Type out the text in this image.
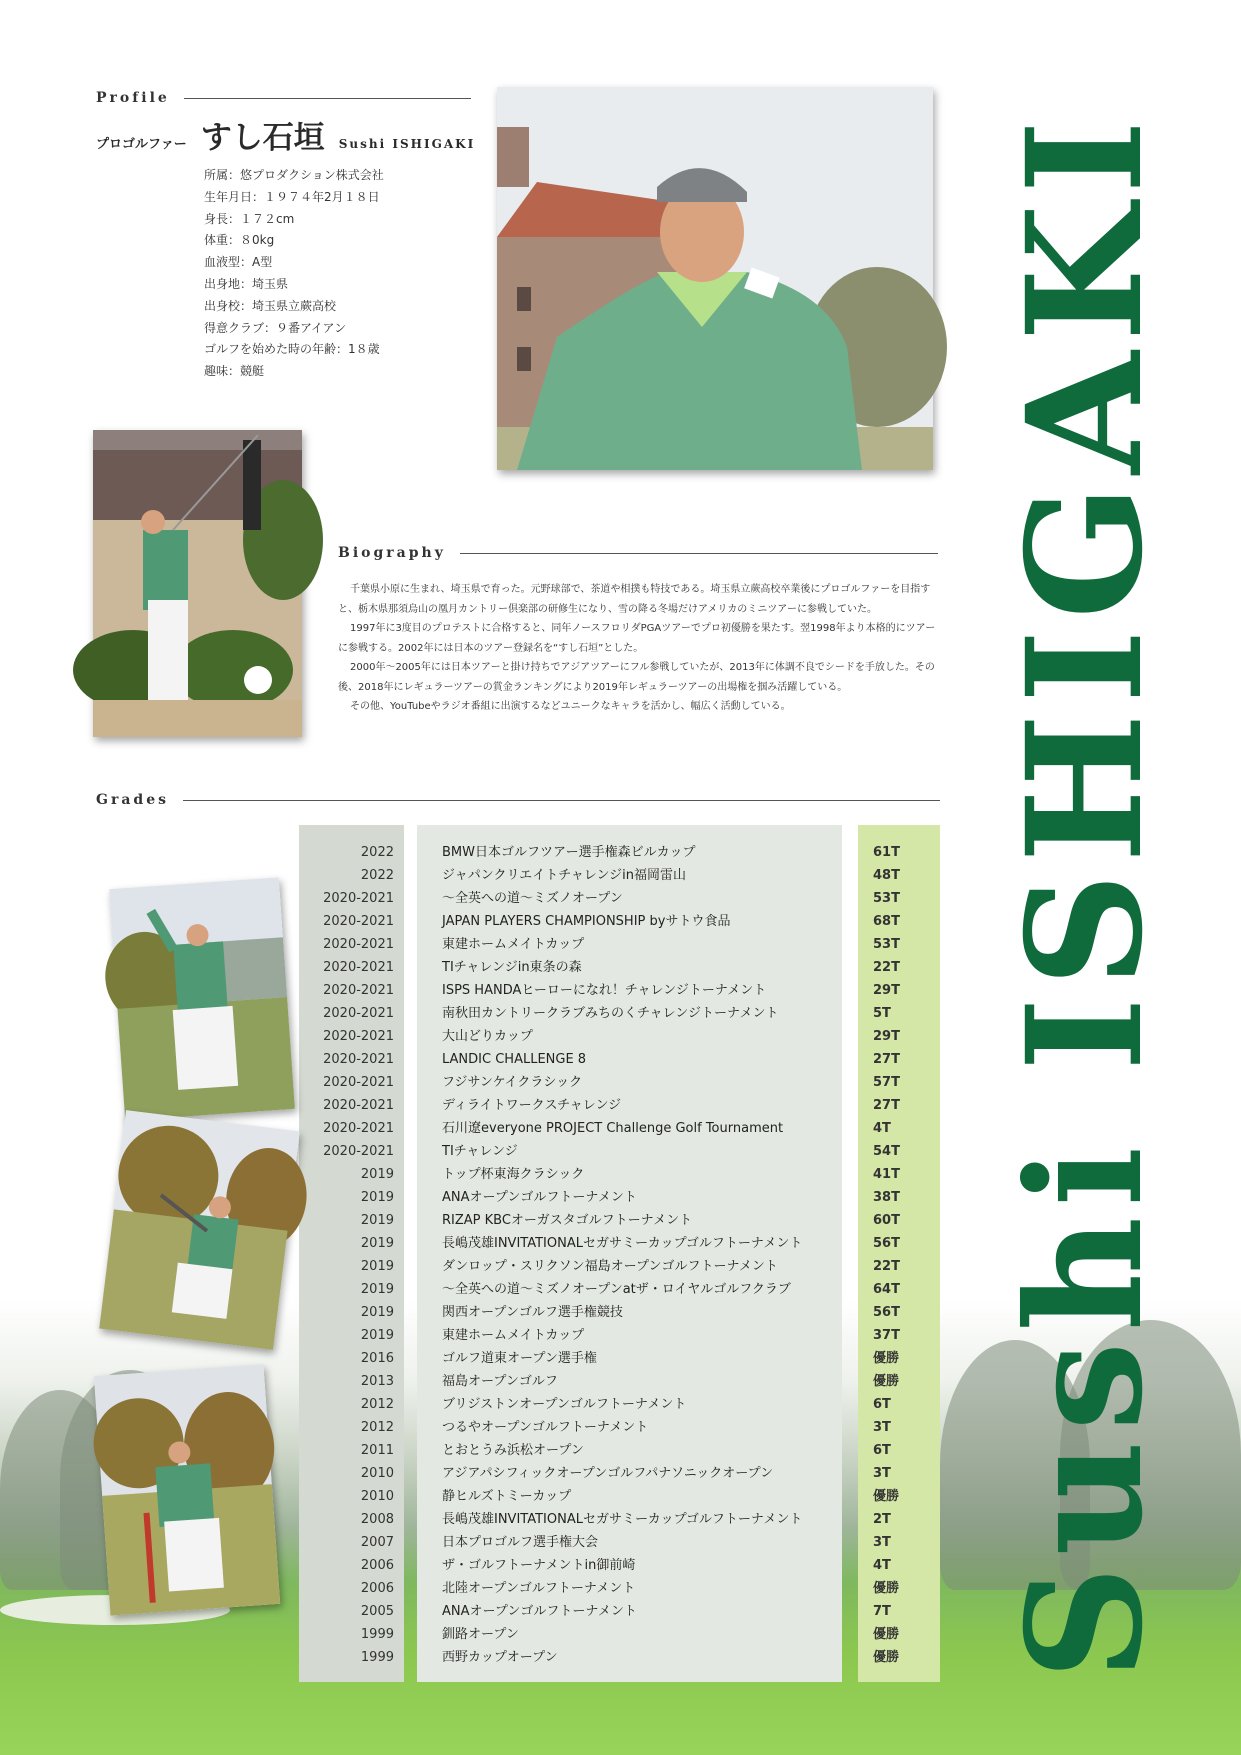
Profile
プロゴルファー すし石垣 Sushi ISHIGAKI
所属：悠プロダクション株式会社
生年月日：１９７４年2月１８日
身長：１７２cm
体重：８0kg
血液型：A型
出身地：埼玉県
出身校：埼玉県立蕨高校
得意クラブ：９番アイアン
ゴルフを始めた時の年齢：1８歳
趣味：競艇
Biography

千葉県小原に生まれ、埼玉県で育った。元野球部で、茶道や相撲も特技である。埼玉県立蕨高校卒業後にプロゴルファーを目指すと、栃木県那須烏山の凰月カントリー倶楽部の研修生になり、雪の降る冬場だけアメリカのミニツアーに参戦していた。

1997年に3度目のプロテストに合格すると、同年ノースフロリダPGAツアーでプロ初優勝を果たす。翌1998年より本格的にツアーに参戦する。2002年には日本のツアー登録名を“すし石垣”とした。

2000年〜2005年には日本ツアーと掛け持ちでアジアツアーにフル参戦していたが、2013年に体調不良でシードを手放した。その後、2018年にレギュラーツアーの賞金ランキングにより2019年レギュラーツアーの出場権を掴み活躍している。

その他、YouTubeやラジオ番組に出演するなどユニークなキャラを活かし、幅広く活動している。

Grades
2022	BMW日本ゴルフツアー選手権森ビルカップ	61T
2022	ジャパンクリエイトチャレンジin福岡雷山	48T
2020-2021	〜全英への道〜ミズノオープン	53T
2020-2021	JAPAN PLAYERS CHAMPIONSHIP byサトウ食品	68T
2020-2021	東建ホームメイトカップ	53T
2020-2021	TIチャレンジin東条の森	22T
2020-2021	ISPS HANDAヒーローになれ！チャレンジトーナメント	29T
2020-2021	南秋田カントリークラブみちのくチャレンジトーナメント	5T
2020-2021	大山どりカップ	29T
2020-2021	LANDIC CHALLENGE 8	27T
2020-2021	フジサンケイクラシック	57T
2020-2021	ディライトワークスチャレンジ	27T
2020-2021	石川遼everyone PROJECT Challenge Golf Tournament	4T
2020-2021	TIチャレンジ	54T
2019	トップ杯東海クラシック	41T
2019	ANAオープンゴルフトーナメント	38T
2019	RIZAP KBCオーガスタゴルフトーナメント	60T
2019	長嶋茂雄INVITATIONALセガサミーカップゴルフトーナメント	56T
2019	ダンロップ・スリクソン福島オープンゴルフトーナメント	22T
2019	〜全英への道〜ミズノオープンatザ・ロイヤルゴルフクラブ	64T
2019	関西オープンゴルフ選手権競技	56T
2019	東建ホームメイトカップ	37T
2016	ゴルフ道東オープン選手権	優勝
2013	福島オープンゴルフ	優勝
2012	ブリジストンオープンゴルフトーナメント	6T
2012	つるやオープンゴルフトーナメント	3T
2011	とおとうみ浜松オープン	6T
2010	アジアパシフィックオープンゴルフパナソニックオープン	3T
2010	静ヒルズトミーカップ	優勝
2008	長嶋茂雄INVITATIONALセガサミーカップゴルフトーナメント	2T
2007	日本プロゴルフ選手権大会	3T
2006	ザ・ゴルフトーナメントin御前崎	4T
2006	北陸オープンゴルフトーナメント	優勝
2005	ANAオープンゴルフトーナメント	7T
1999	釧路オープン	優勝
1999	西野カップオープン	優勝 Sushi ISHIGAKI
